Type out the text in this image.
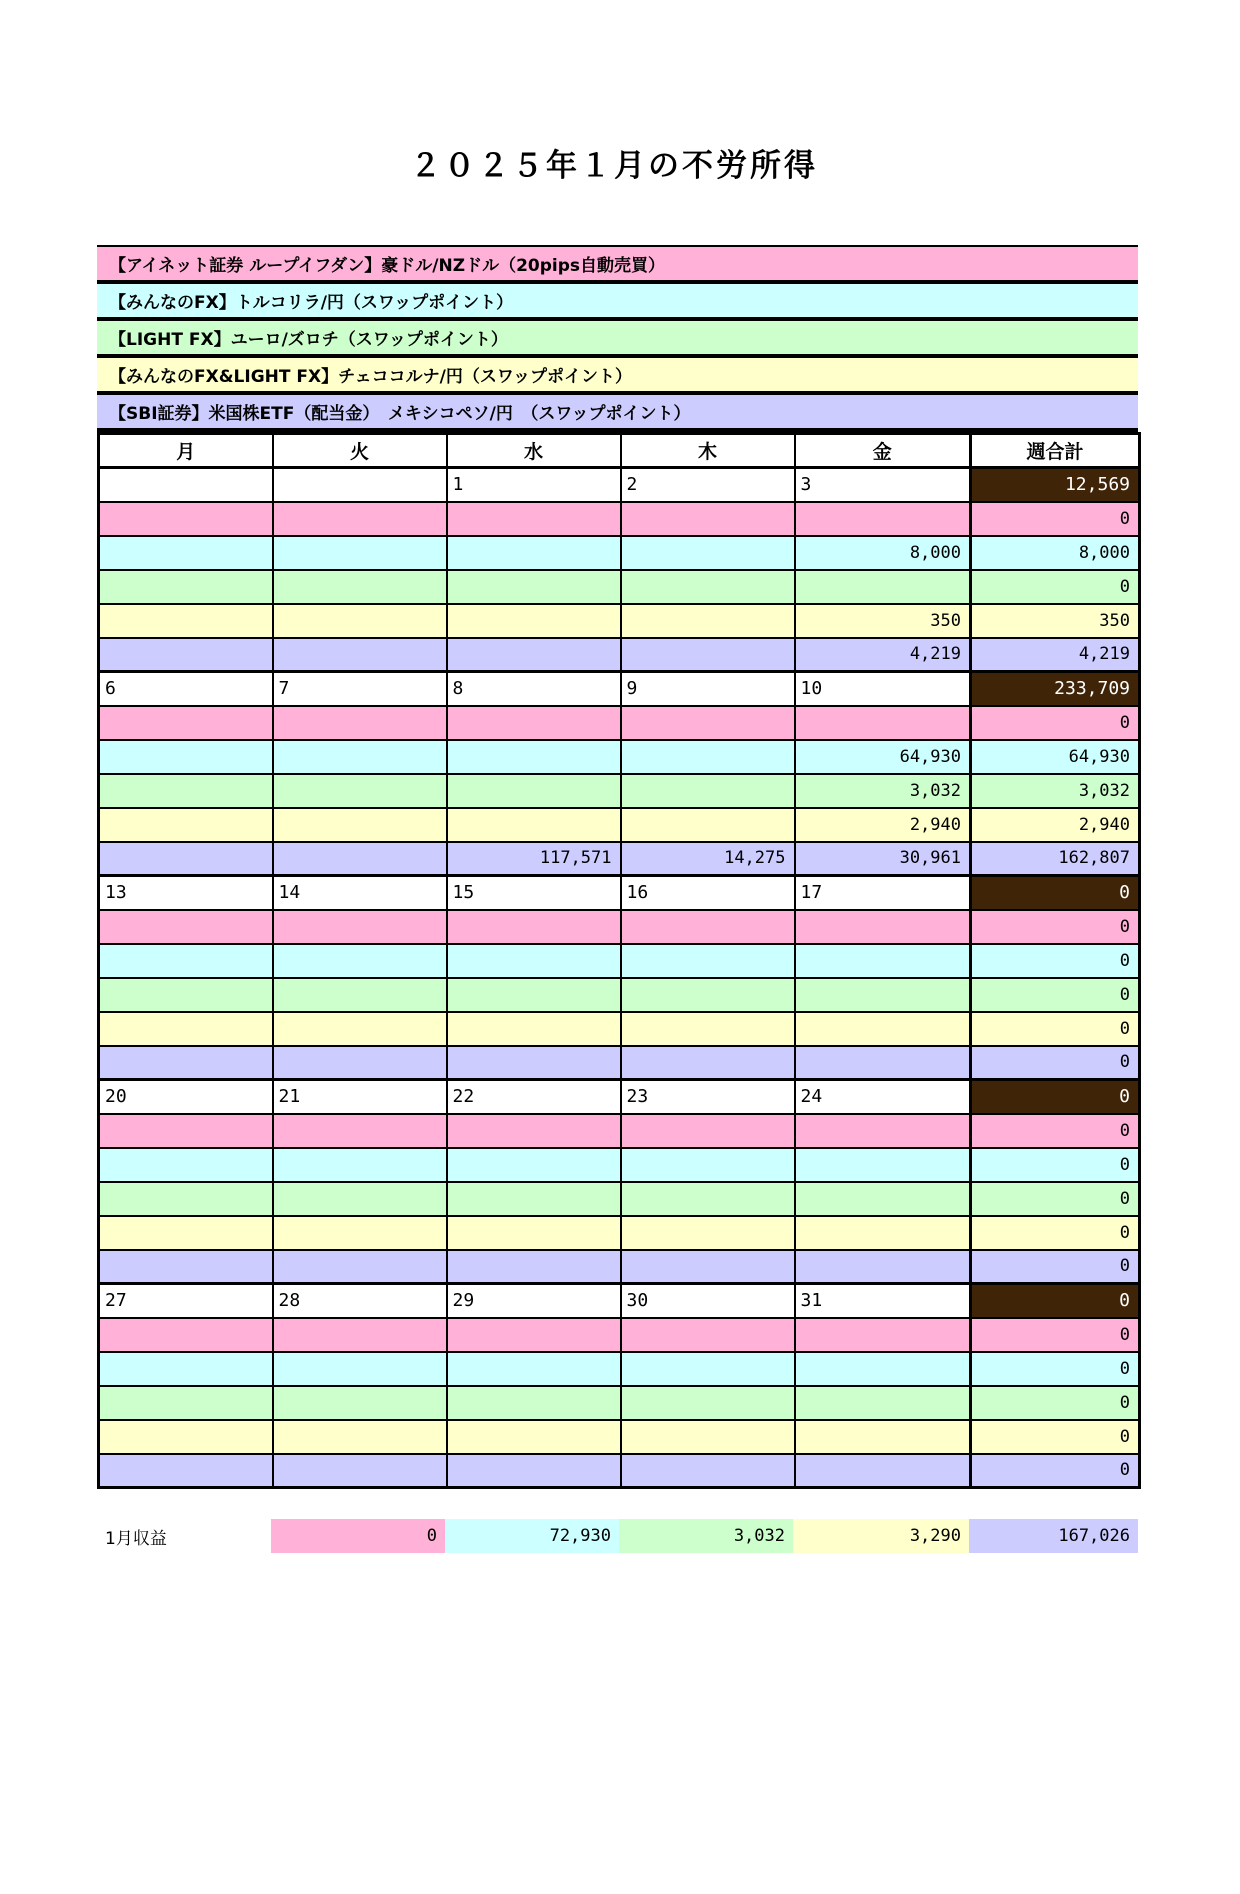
２０２５年１月の不労所得
【アイネット証券 ループイフダン】豪ドル/NZドル（20pips自動売買）
【みんなのFX】トルコリラ/円（スワップポイント）
【LIGHT FX】ユーロ/ズロチ（スワップポイント）
【みんなのFX&LIGHT FX】チェココルナ/円（スワップポイント）
【SBI証券】米国株ETF（配当金）　メキシコペソ/円　（スワップポイント）
月	火	水	木	金	週合計
		1	2	3	12,569
					0
				8,000	8,000
					0
				350	350
				4,219	4,219
6	7	8	9	10	233,709
					0
				64,930	64,930
				3,032	3,032
				2,940	2,940
		117,571	14,275	30,961	162,807
13	14	15	16	17	0
					0
					0
					0
					0
					0
20	21	22	23	24	0
					0
					0
					0
					0
					0
27	28	29	30	31	0
					0
					0
					0
					0
					0
1月収益	0	72,930	3,032	3,290	167,026
